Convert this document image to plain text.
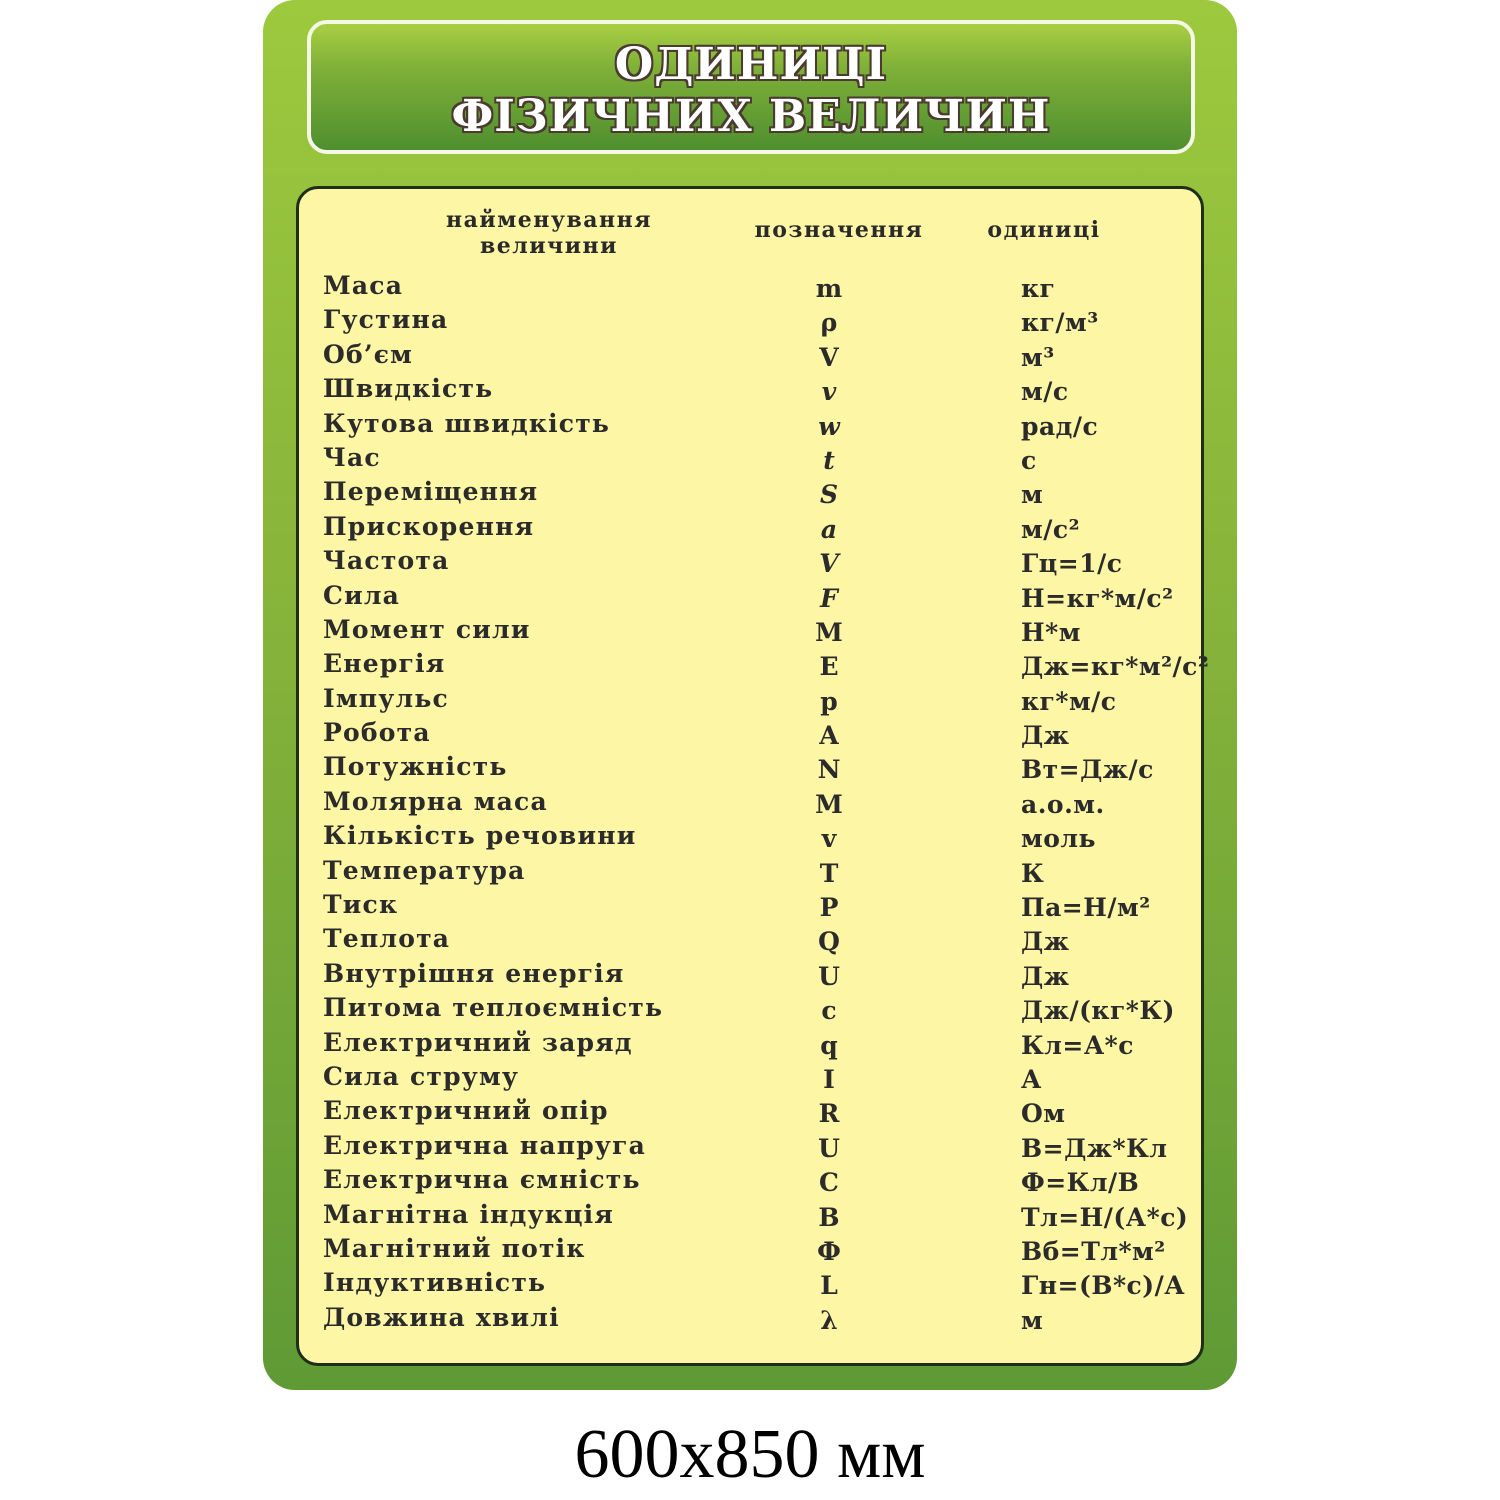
ОДИНИЦІ
ФІЗИЧНИХ ВЕЛИЧИН
найменування
величини
позначення	одиниці
Маса	m	кг
Густина	ρ	кг/м³
Об’єм	V	м³
Швидкість	v	м/с
Кутова швидкість	w	рад/с
Час	t	с
Переміщення	S	м
Прискорення	a	м/с²
Частота	V	Гц=1/с
Сила	F	Н=кг*м/с²
Момент сили	M	Н*м
Енергія	E	Дж=кг*м²/с²
Імпульс	p	кг*м/с
Робота	A	Дж
Потужність	N	Вт=Дж/с
Молярна маса	M	а.о.м.
Кількість речовини	v	моль
Температура	T	К
Тиск	P	Па=Н/м²
Теплота	Q	Дж
Внутрішня енергія	U	Дж
Питома теплоємність	c	Дж/(кг*К)
Електричний заряд	q	Кл=А*с
Сила струму	I	А
Електричний опір	R	Ом
Електрична напруга	U	В=Дж*Кл
Електрична ємність	C	Ф=Кл/В
Магнітна індукція	B	Тл=Н/(А*с)
Магнітний потік	Ф	Вб=Тл*м²
Індуктивність	L	Гн=(В*с)/А
Довжина хвилі	λ	м
600x850 мм
